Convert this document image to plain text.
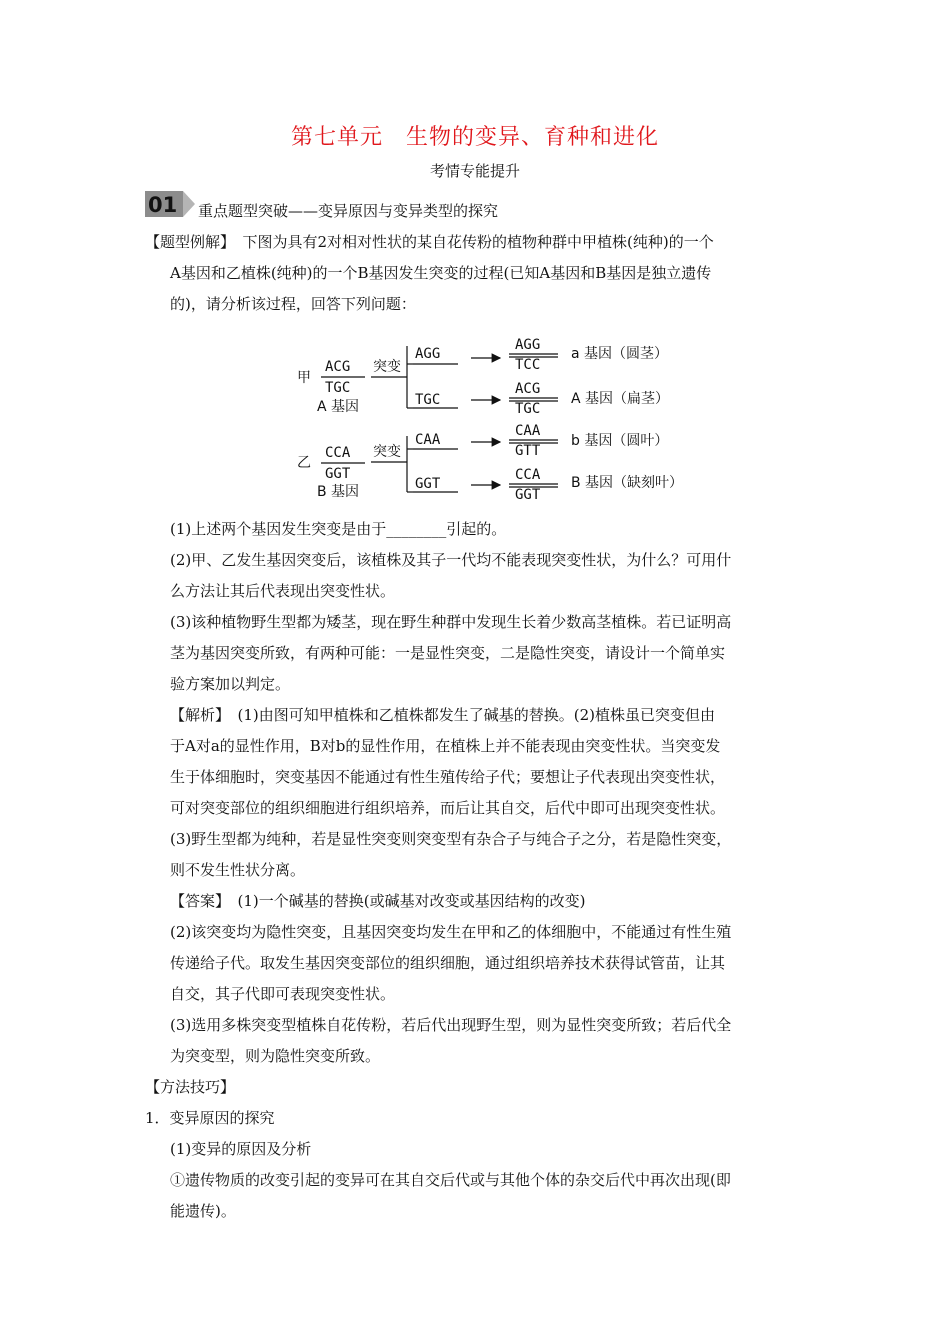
第七单元　生物的变异、育种和进化
考情专能提升
01 重点题型突破——变异原因与变异类型的探究
【题型例解】　下图为具有2对相对性状的某自花传粉的植物种群中甲植株(纯种)的一个
A基因和乙植株(纯种)的一个B基因发生突变的过程(已知A基因和B基因是独立遗传
的)，请分析该过程，回答下列问题：
甲
ACG
TGC
A 基因
突变
AGG
AGG
TCC
a 基因（圆茎）
TGC
ACG
TGC
A 基因（扁茎）
乙
CCA
GGT
B 基因
突变
CAA
CAA
GTT
b 基因（圆叶）
GGT
CCA
GGT
B 基因（缺刻叶）
(1)上述两个基因发生突变是由于________引起的。
(2)甲、乙发生基因突变后，该植株及其子一代均不能表现突变性状，为什么？可用什
么方法让其后代表现出突变性状。
(3)该种植物野生型都为矮茎，现在野生种群中发现生长着少数高茎植株。若已证明高
茎为基因突变所致，有两种可能：一是显性突变，二是隐性突变，请设计一个简单实
验方案加以判定。
【解析】　(1)由图可知甲植株和乙植株都发生了碱基的替换。(2)植株虽已突变但由
于A对a的显性作用，B对b的显性作用，在植株上并不能表现由突变性状。当突变发
生于体细胞时，突变基因不能通过有性生殖传给子代；要想让子代表现出突变性状，
可对突变部位的组织细胞进行组织培养，而后让其自交，后代中即可出现突变性状。
(3)野生型都为纯种，若是显性突变则突变型有杂合子与纯合子之分，若是隐性突变，
则不发生性状分离。
【答案】　(1)一个碱基的替换(或碱基对改变或基因结构的改变)
(2)该突变均为隐性突变，且基因突变均发生在甲和乙的体细胞中，不能通过有性生殖
传递给子代。取发生基因突变部位的组织细胞，通过组织培养技术获得试管苗，让其
自交，其子代即可表现突变性状。
(3)选用多株突变型植株自花传粉，若后代出现野生型，则为显性突变所致；若后代全
为突变型，则为隐性突变所致。
【方法技巧】
1．变异原因的探究
(1)变异的原因及分析
①遗传物质的改变引起的变异可在其自交后代或与其他个体的杂交后代中再次出现(即
能遗传)。
